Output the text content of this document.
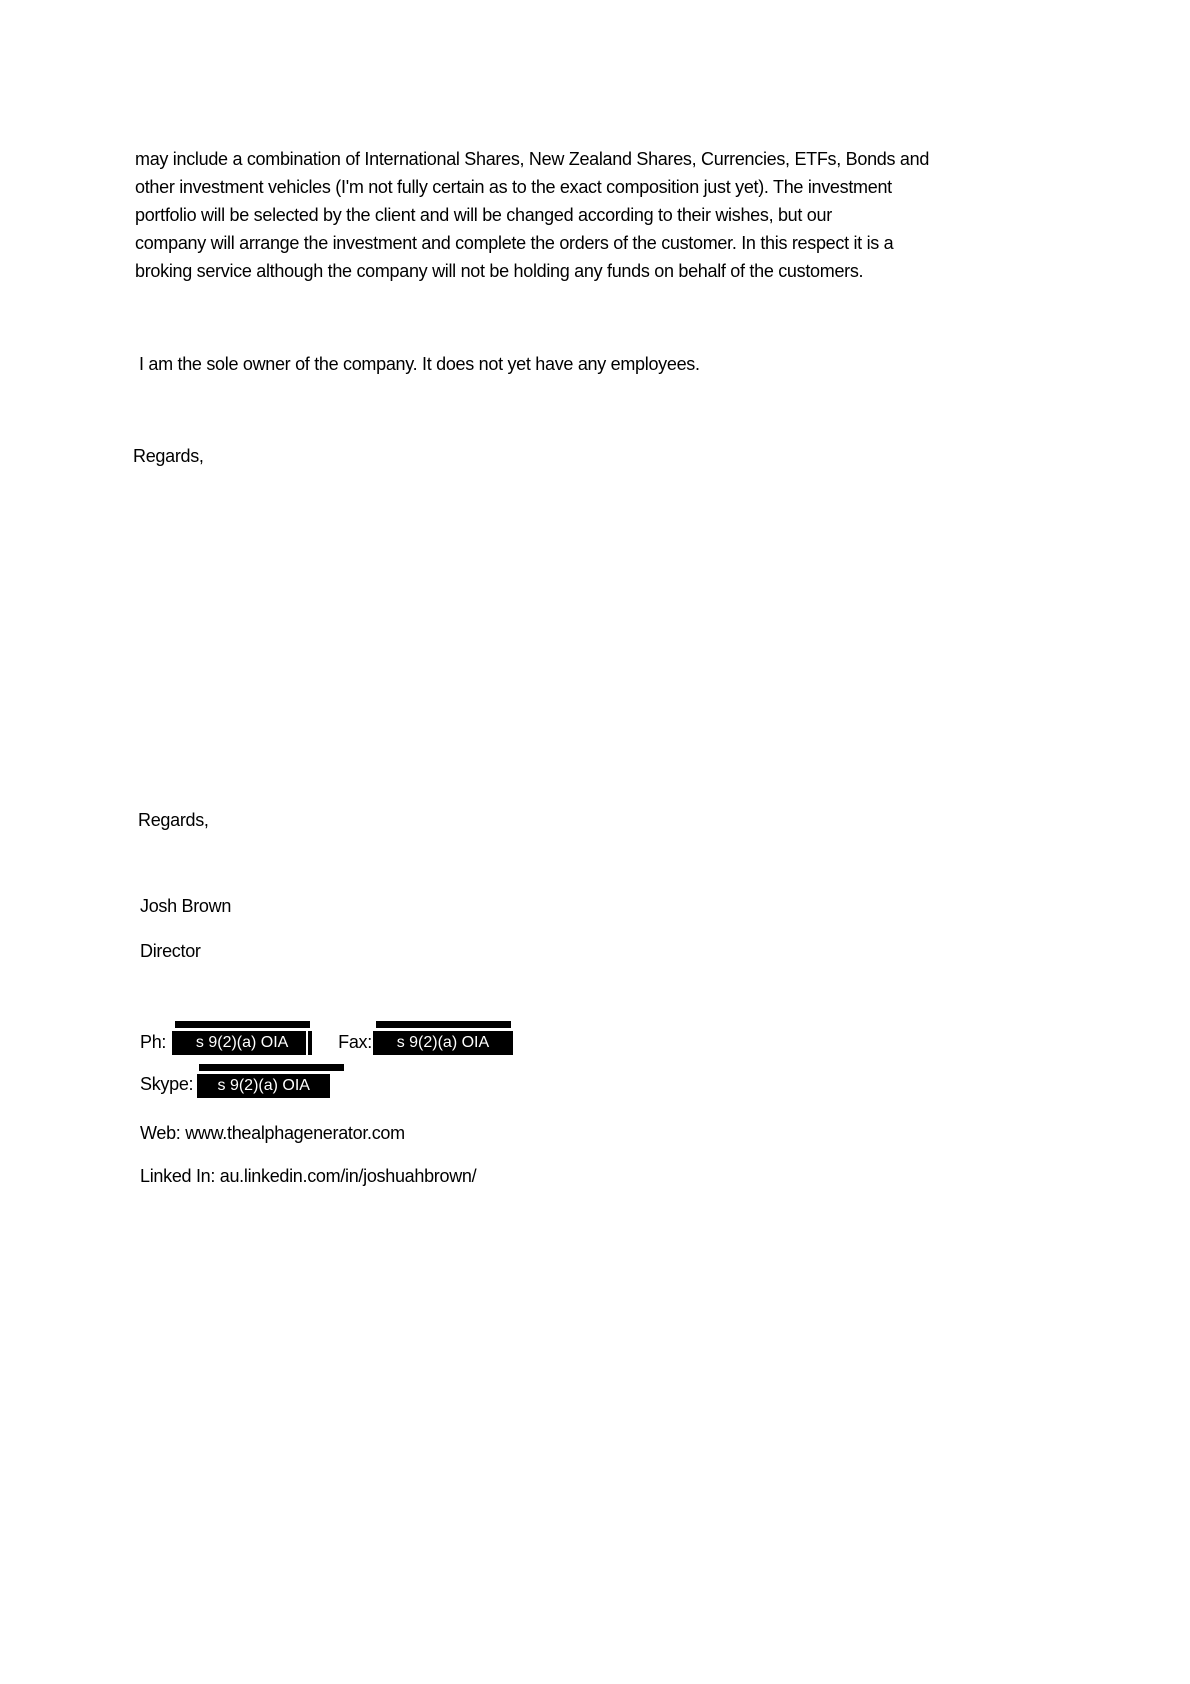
may include a combination of International Shares, New Zealand Shares, Currencies, ETFs, Bonds and
other investment vehicles (I'm not fully certain as to the exact composition just yet). The investment
portfolio will be selected by the client and will be changed according to their wishes, but our
company will arrange the investment and complete the orders of the customer. In this respect it is a
broking service although the company will not be holding any funds on behalf of the customers.
I am the sole owner of the company. It does not yet have any employees.
Regards,
Regards,
Josh Brown
Director
Ph:	s 9(2)(a) OIA	Fax:	s 9(2)(a) OIA
Skype:	s 9(2)(a) OIA
Web: www.thealphagenerator.com
Linked In: au.linkedin.com/in/joshuahbrown/
